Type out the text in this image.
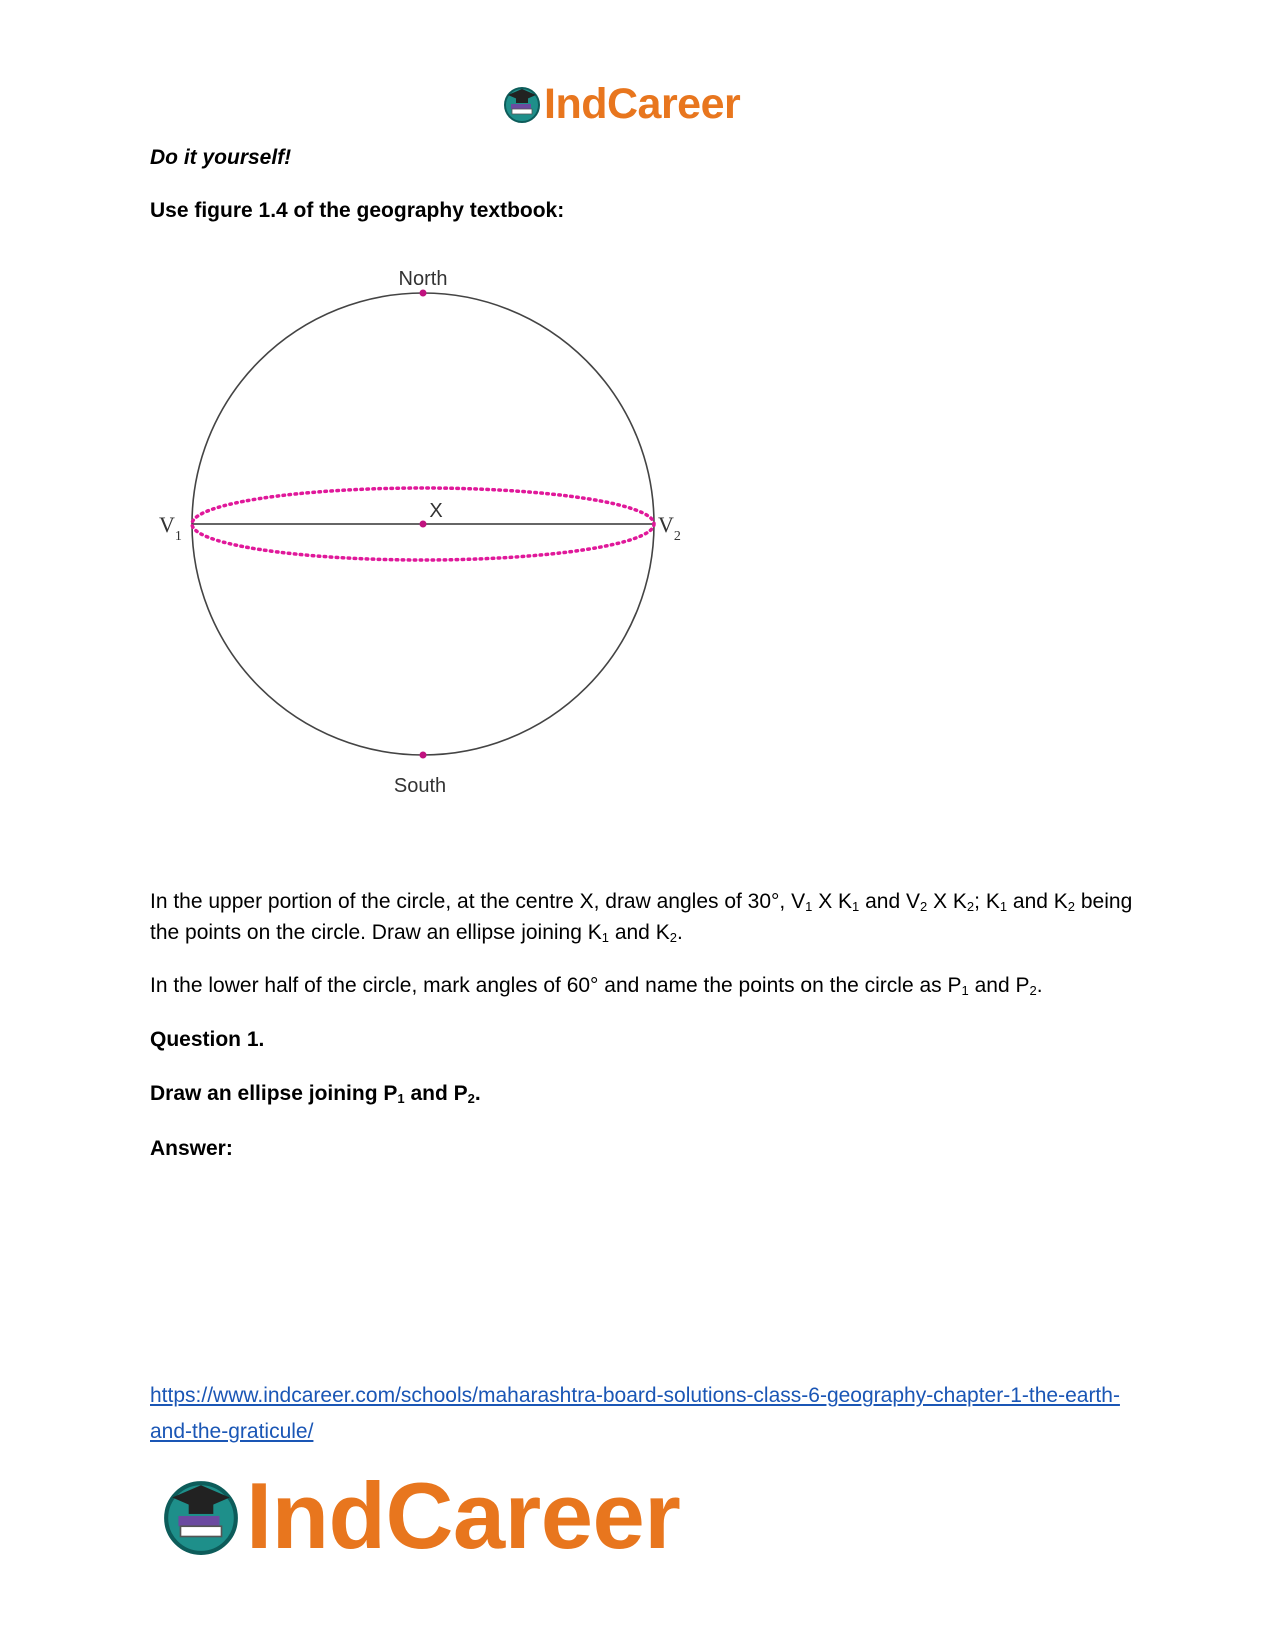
IndCareer
Do it yourself!
Use figure 1.4 of the geography textbook:
North
South
X
$V_1$	$V_2$
In the upper portion of the circle, at the centre X, draw angles of 30°, $V_1$ X $K_1$ and $V_2$ X $K_2$; $K_1$ and $K_2$ being the points on the circle. Draw an ellipse joining $K_1$ and $K_2$.
In the lower half of the circle, mark angles of 60° and name the points on the circle as $P_1$ and $P_2$.
Question 1.
Draw an ellipse joining $P_1$ and $P_2$.
Answer:
https://www.indcareer.com/schools/maharashtra-board-solutions-class-6-geography-chapter-1-the-earth-and-the-graticule/
IndCareer
